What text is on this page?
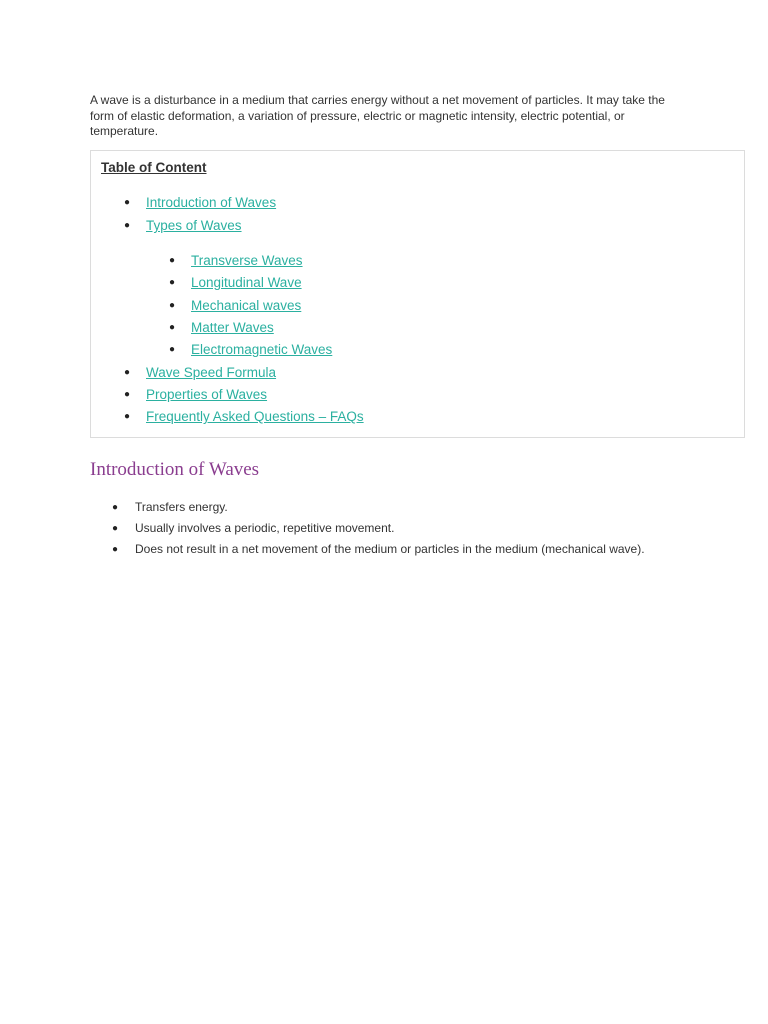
A wave is a disturbance in a medium that carries energy without a net movement of particles. It may take the form of elastic deformation, a variation of pressure, electric or magnetic intensity, electric potential, or temperature.

Table of Content

● Introduction of Waves
● Types of Waves
● Transverse Waves
● Longitudinal Wave
● Mechanical waves
● Matter Waves
● Electromagnetic Waves
● Wave Speed Formula
● Properties of Waves
● Frequently Asked Questions – FAQs
Introduction of Waves
● Transfers energy.
● Usually involves a periodic, repetitive movement.
● Does not result in a net movement of the medium or particles in the medium (mechanical wave).
